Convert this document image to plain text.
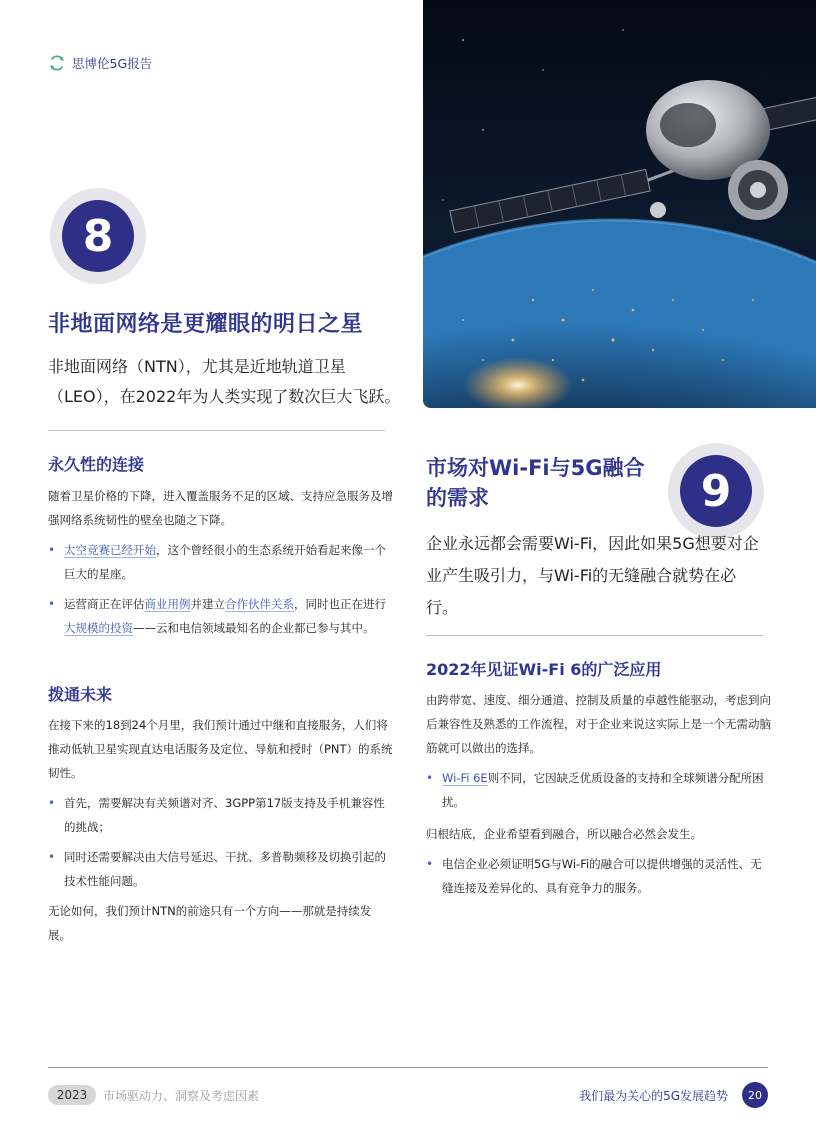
思博伦5G报告
8
非地面网络是更耀眼的明日之星

非地面网络（NTN），尤其是近地轨道卫星（LEO），在2022年为人类实现了数次巨大飞跃。

永久性的连接

随着卫星价格的下降，进入覆盖服务不足的区域、支持应急服务及增强网络系统韧性的壁垒也随之下降。

• 太空竞赛已经开始，这个曾经很小的生态系统开始看起来像一个巨大的星座。
• 运营商正在评估商业用例并建立合作伙伴关系，同时也正在进行大规模的投资——云和电信领域最知名的企业都已参与其中。
拨通未来

在接下来的18到24个月里，我们预计通过中继和直接服务，人们将推动低轨卫星实现直达电话服务及定位、导航和授时（PNT）的系统韧性。

• 首先，需要解决有关频谱对齐、3GPP第17版支持及手机兼容性的挑战；
• 同时还需要解决由大信号延迟、干扰、多普勒频移及切换引起的技术性能问题。

无论如何，我们预计NTN的前途只有一个方向——那就是持续发展。

市场对Wi-Fi与5G融合的需求	9

企业永远都会需要Wi-Fi，因此如果5G想要对企业产生吸引力，与Wi-Fi的无缝融合就势在必行。

2022年见证Wi-Fi 6的广泛应用

由跨带宽、速度、细分通道、控制及质量的卓越性能驱动，考虑到向后兼容性及熟悉的工作流程，对于企业来说这实际上是一个无需动脑筋就可以做出的选择。

• Wi-Fi 6E则不同，它因缺乏优质设备的支持和全球频谱分配所困扰。

归根结底，企业希望看到融合，所以融合必然会发生。

• 电信企业必须证明5G与Wi-Fi的融合可以提供增强的灵活性、无缝连接及差异化的、具有竞争力的服务。
2023	市场驱动力、洞察及考虑因素	我们最为关心的5G发展趋势	20
